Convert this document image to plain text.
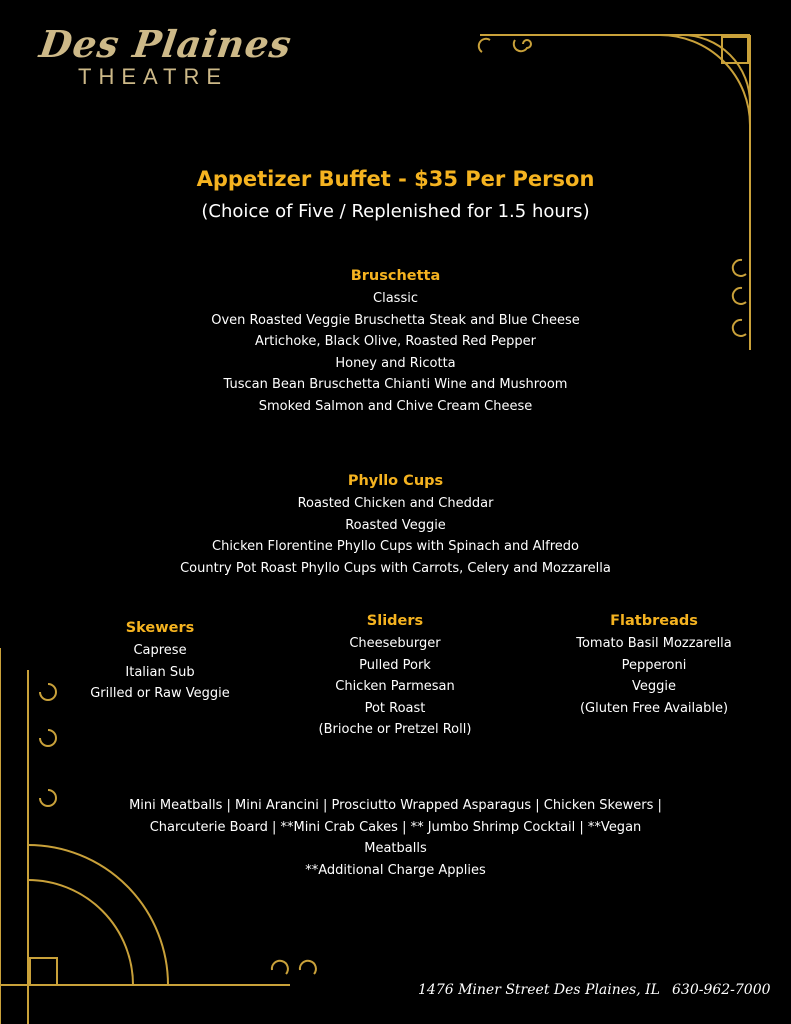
Des Plaines
THEATRE
Appetizer Buffet - $35 Per Person
(Choice of Five / Replenished for 1.5 hours)
Bruschetta
Classic
Oven Roasted Veggie Bruschetta Steak and Blue Cheese
Artichoke, Black Olive, Roasted Red Pepper
Honey and Ricotta
Tuscan Bean Bruschetta Chianti Wine and Mushroom
Smoked Salmon and Chive Cream Cheese
Phyllo Cups
Roasted Chicken and Cheddar
Roasted Veggie
Chicken Florentine Phyllo Cups with Spinach and Alfredo
Country Pot Roast Phyllo Cups with Carrots, Celery and Mozzarella
Skewers
Caprese
Italian Sub
Grilled or Raw Veggie
Sliders
Cheeseburger
Pulled Pork
Chicken Parmesan
Pot Roast
(Brioche or Pretzel Roll)
Flatbreads
Tomato Basil Mozzarella
Pepperoni
Veggie
(Gluten Free Available)
Mini Meatballs | Mini Arancini | Prosciutto Wrapped Asparagus | Chicken Skewers |
Charcuterie Board | **Mini Crab Cakes | ** Jumbo Shrimp Cocktail | **Vegan
Meatballs
**Additional Charge Applies
1476 Miner Street Des Plaines, IL 630-962-7000
